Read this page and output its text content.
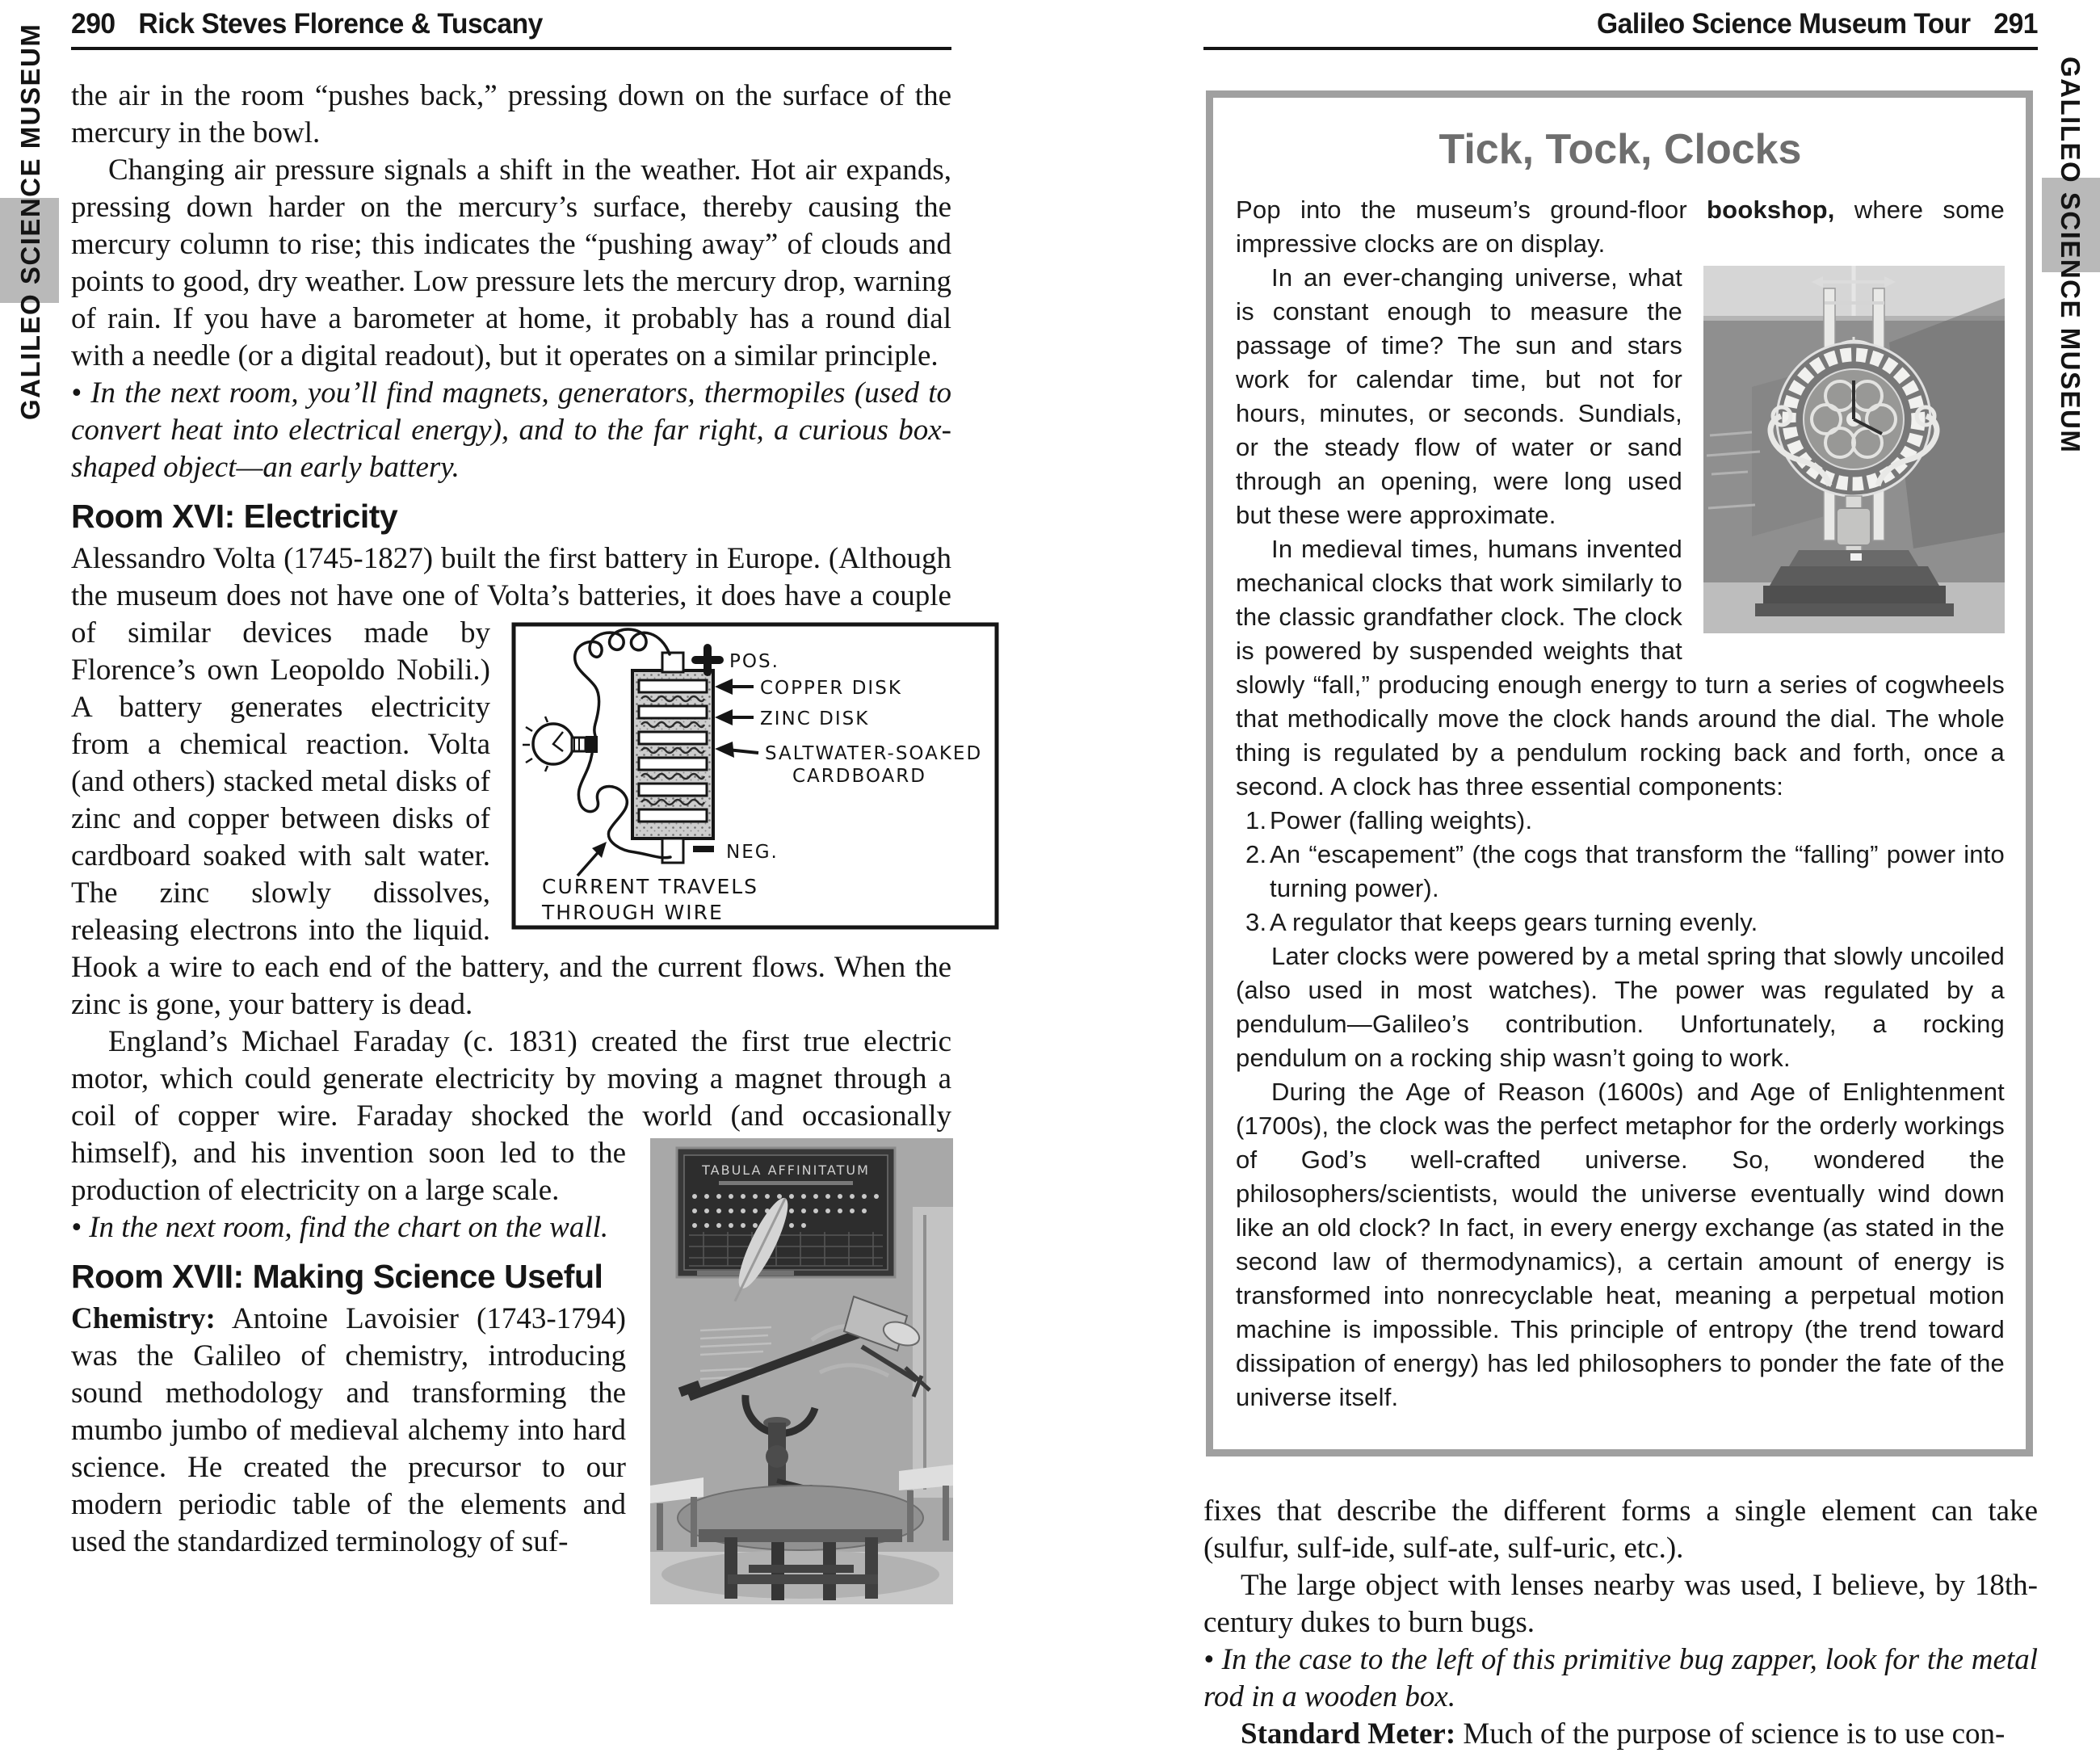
290 Rick Steves Florence & Tuscany	Galileo Science Museum Tour 291
GALILEO SCIENCE MUSEUM	GALILEO SCIENCE MUSEUM

the air in the room “pushes back,” pressing down on the surface of the mercury in the bowl.

Changing air pressure signals a shift in the weather. Hot air expands, pressing down harder on the mercury’s surface, thereby causing the mercury column to rise; this indicates the “pushing away” of clouds and points to good, dry weather. Low pressure lets the mercury drop, warning of rain. If you have a barometer at home, it probably has a round dial with a needle (or a digital readout), but it operates on a similar principle.

• In the next room, you’ll find magnets, generators, thermopiles (used to convert heat into electrical energy), and to the far right, a curious box-shaped object—an early battery.

Room XVI: Electricity

Alessandro Volta (1745-1827) built the first battery in Europe. (Although the museum does not have one of Volta’s batteries, it does
POS.
COPPER DISK
ZINC DISK
SALTWATER-SOAKED
CARDBOARD
NEG.
CURRENT TRAVELS
THROUGH WIRE
have a couple of similar devices made by Florence’s own Leopoldo Nobili.) A battery generates electricity from a chemical reaction. Volta (and others) stacked metal disks of zinc and copper between disks of cardboard soaked with salt water. The zinc slowly dissolves, releasing electrons into the liquid. Hook a wire to each end of the battery, and the current flows. When the zinc is gone, your battery is dead.

England’s Michael Faraday (c. 1831) created the first true electric motor, which could generate electricity by moving a magnet through a coil of copper wire. Faraday shocked the world (and occasionally himself), and his invention soon
TABULA AFFINITATUM
led to the production of electricity on a large scale.

• In the next room, find the chart on the wall.

Room XVII: Making Science Useful

Chemistry: Antoine Lavoisier (1743-1794) was the Galileo of chemistry, introducing sound methodology and transforming the mumbo jumbo of medieval alchemy into hard science. He created the precursor to our modern periodic table of the elements and used the standardized terminology of suf-

Tick, Tock, Clocks

Pop into the museum’s ground-floor bookshop, where some impressive clocks are on display.

In an ever-changing universe, what is constant enough to measure the passage of time? The sun and stars work for calendar time, but not for hours, minutes, or seconds. Sundials, or the steady flow of water or sand through an opening, were long used but these were approximate.

In medieval times, humans invented mechanical clocks that work similarly to the classic grandfather clock. The clock is powered by suspended weights that slowly “fall,” producing enough energy to turn a series of cogwheels that methodically move the clock hands around the dial. The whole thing is regulated by a pendulum rocking back and forth, once a second. A clock has three essential components:

1. Power (falling weights).
2. An “escapement” (the cogs that transform the “falling” power into turning power).
3. A regulator that keeps gears turning evenly.

Later clocks were powered by a metal spring that slowly uncoiled (also used in most watches). The power was regulated by a pendulum—Galileo’s contribution. Unfortunately, a rocking pendulum on a rocking ship wasn’t going to work.

During the Age of Reason (1600s) and Age of Enlightenment (1700s), the clock was the perfect metaphor for the orderly workings of God’s well-crafted universe. So, wondered the philosophers/scientists, would the universe eventually wind down like an old clock? In fact, in every energy exchange (as stated in the second law of thermodynamics), a certain amount of energy is transformed into nonrecyclable heat, meaning a perpetual motion machine is impossible. This principle of entropy (the trend toward dissipation of energy) has led philosophers to ponder the fate of the universe itself.

fixes that describe the different forms a single element can take (sulfur, sulf-ide, sulf-ate, sulf-uric, etc.).

The large object with lenses nearby was used, I believe, by 18th-century dukes to burn bugs.

• In the case to the left of this primitive bug zapper, look for the metal rod in a wooden box.

Standard Meter: Much of the purpose of science is to use con-
